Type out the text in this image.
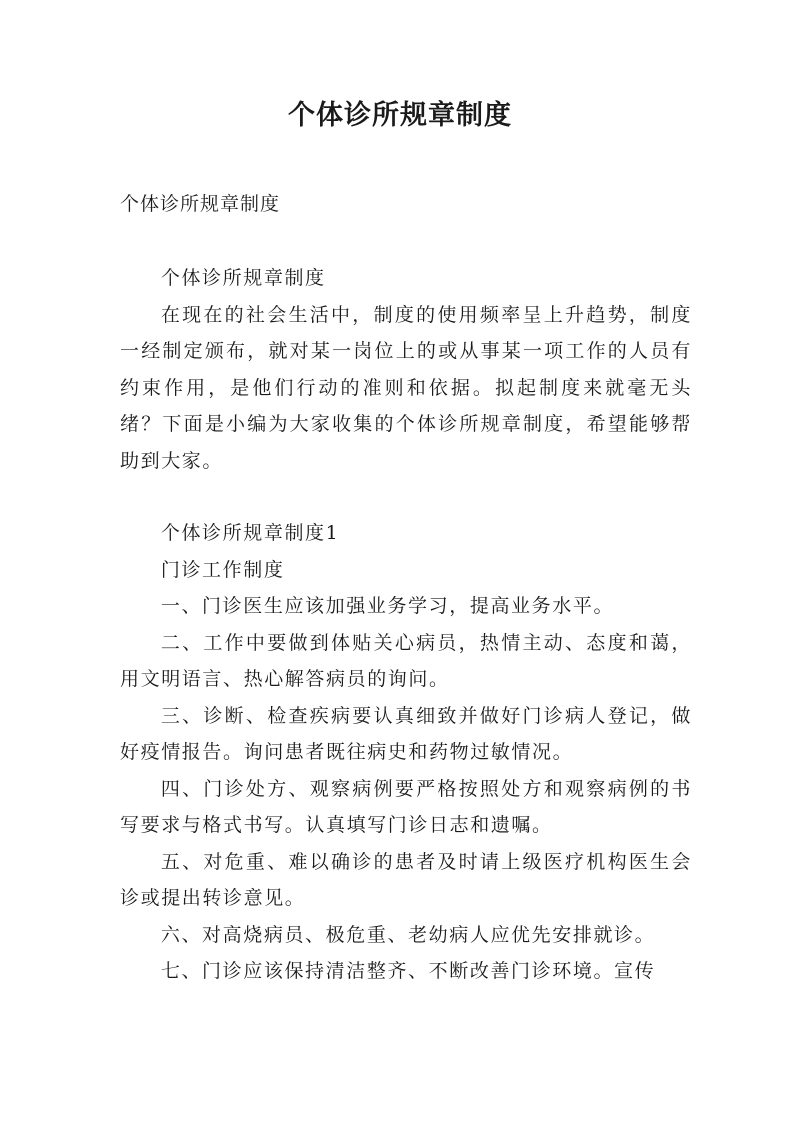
个体诊所规章制度
个体诊所规章制度

个体诊所规章制度

在现在的社会生活中，制度的使用频率呈上升趋势，制度一经制定颁布，就对某一岗位上的或从事某一项工作的人员有约束作用，是他们行动的准则和依据。拟起制度来就毫无头绪？下面是小编为大家收集的个体诊所规章制度，希望能够帮助到大家。

个体诊所规章制度1

门诊工作制度

一、门诊医生应该加强业务学习，提高业务水平。

二、工作中要做到体贴关心病员，热情主动、态度和蔼，用文明语言、热心解答病员的询问。

三、诊断、检查疾病要认真细致并做好门诊病人登记，做好疫情报告。询问患者既往病史和药物过敏情况。

四、门诊处方、观察病例要严格按照处方和观察病例的书写要求与格式书写。认真填写门诊日志和遗嘱。

五、对危重、难以确诊的患者及时请上级医疗机构医生会诊或提出转诊意见。

六、对高烧病员、极危重、老幼病人应优先安排就诊。

七、门诊应该保持清洁整齐、不断改善门诊环境。宣传
